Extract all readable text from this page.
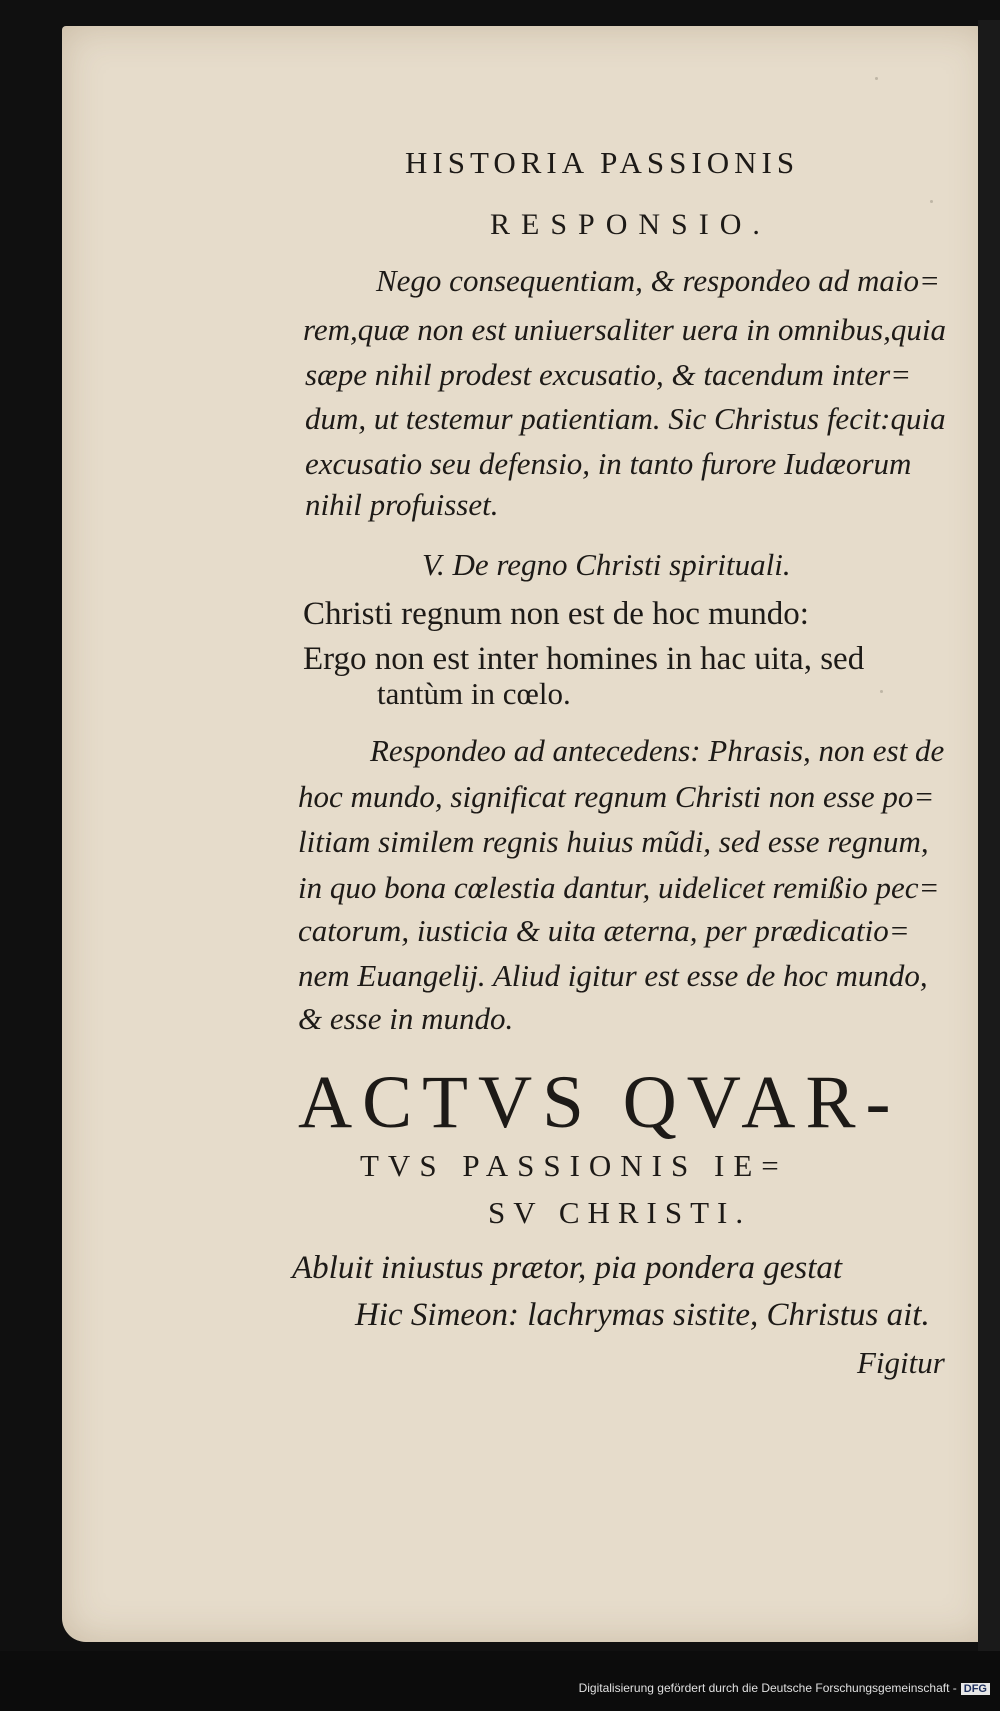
HISTORIA PASSIONIS
RESPONSIO.
Nego consequentiam, & respondeo ad maio=
rem,quæ non est uniuersaliter uera in omnibus,quia
sæpe nihil prodest excusatio, & tacendum inter=
dum, ut testemur patientiam. Sic Christus fecit:quia
excusatio seu defensio, in tanto furore Iudæorum
nihil profuisset.
V. De regno Christi spirituali.
Christi regnum non est de hoc mundo:
Ergo non est inter homines in hac uita, sed
tantùm in cœlo.
Respondeo ad antecedens: Phrasis, non est de
hoc mundo, significat regnum Christi non esse po=
litiam similem regnis huius mũdi, sed esse regnum,
in quo bona cœlestia dantur, uidelicet remißio pec=
catorum, iusticia & uita æterna, per prædicatio=
nem Euangelij. Aliud igitur est esse de hoc mundo,
& esse in mundo.
ACTVS QVAR-
TVS PASSIONIS IE=
SV CHRISTI.
Abluit iniustus prætor, pia pondera gestat
Hic Simeon: lachrymas sistite, Christus ait.
Figitur
Digitalisierung gefördert durch die Deutsche Forschungsgemeinschaft - DFG
